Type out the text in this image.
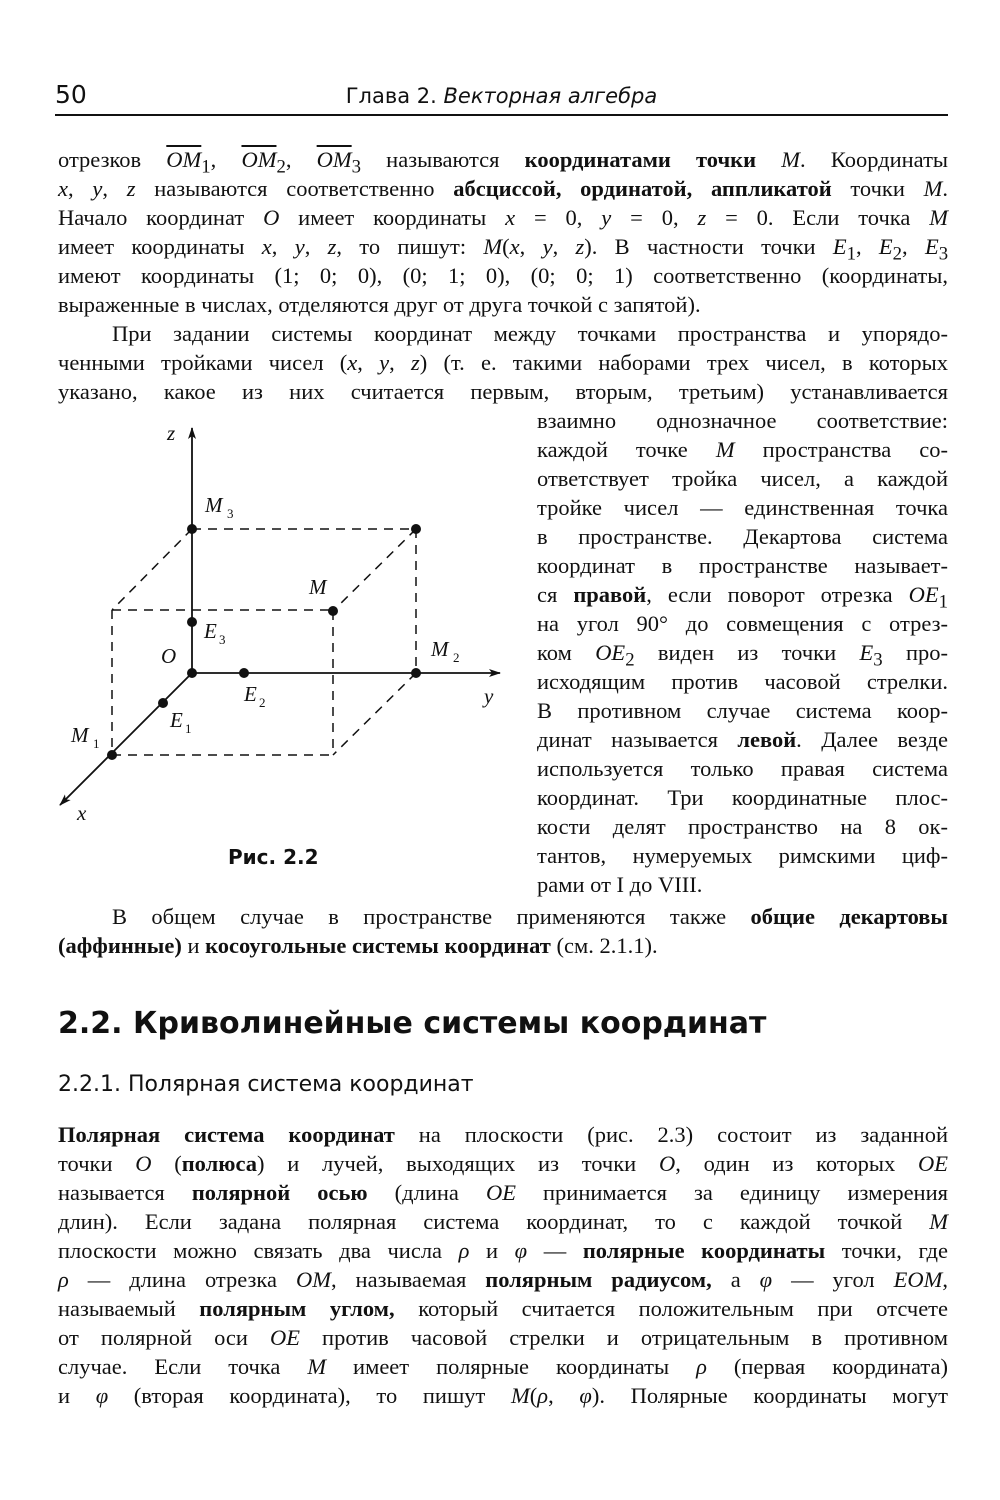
50	Глава 2. Векторная алгебра
отрезков $\overline{OM}_1$, $\overline{OM}_2$, $\overline{OM}_3$ называются координатами точки M. Координаты
x, y, z называются соответственно абсциссой, ординатой, аппликатой точки M.
Начало координат O имеет координаты x = 0, y = 0, z = 0. Если точка M
имеет координаты x, y, z, то пишут: M(x, y, z). В частности точки $E_1$, $E_2$, $E_3$
имеют координаты (1; 0; 0), (0; 1; 0), (0; 0; 1) соответственно (координаты,
выраженные в числах, отделяются друг от друга точкой с запятой).
При задании системы координат между точками пространства и упорядо-
ченными тройками чисел (x, y, z) (т. е. такими наборами трех чисел, в которых
указано, какое из них считается первым, вторым, третьим) устанавливается
взаимно однозначное соответствие:
каждой точке M пространства со-
ответствует тройка чисел, а каждой
тройке чисел — единственная точка
в пространстве. Декартова система
координат в пространстве называет-
ся правой, если поворот отрезка $OE_1$
на угол 90° до совмещения с отрез-
ком $OE_2$ виден из точки $E_3$ про-
исходящим против часовой стрелки.
В противном случае система коор-
динат называется левой. Далее везде
используется только правая система
координат. Три координатные плос-
кости делят пространство на 8 ок-
тантов, нумеруемых римскими циф-
рами от I до VIII.
z
y
x
O
M
M 3
M 2
M 1
E 3
E 2
E 1
Рис. 2.2
В общем случае в пространстве применяются также общие декартовы
(аффинные) и косоугольные системы координат (см. 2.1.1).
2.2. Криволинейные системы координат
2.2.1. Полярная система координат
Полярная система координат на плоскости (рис. 2.3) состоит из заданной
точки O (полюса) и лучей, выходящих из точки O, один из которых OE
называется полярной осью (длина OE принимается за единицу измерения
длин). Если задана полярная система координат, то с каждой точкой M
плоскости можно связать два числа ρ и φ — полярные координаты точки, где
ρ — длина отрезка OM, называемая полярным радиусом, а φ — угол EOM,
называемый полярным углом, который считается положительным при отсчете
от полярной оси OE против часовой стрелки и отрицательным в противном
случае. Если точка M имеет полярные координаты ρ (первая координата)
и φ (вторая координата), то пишут M(ρ, φ). Полярные координаты могут
